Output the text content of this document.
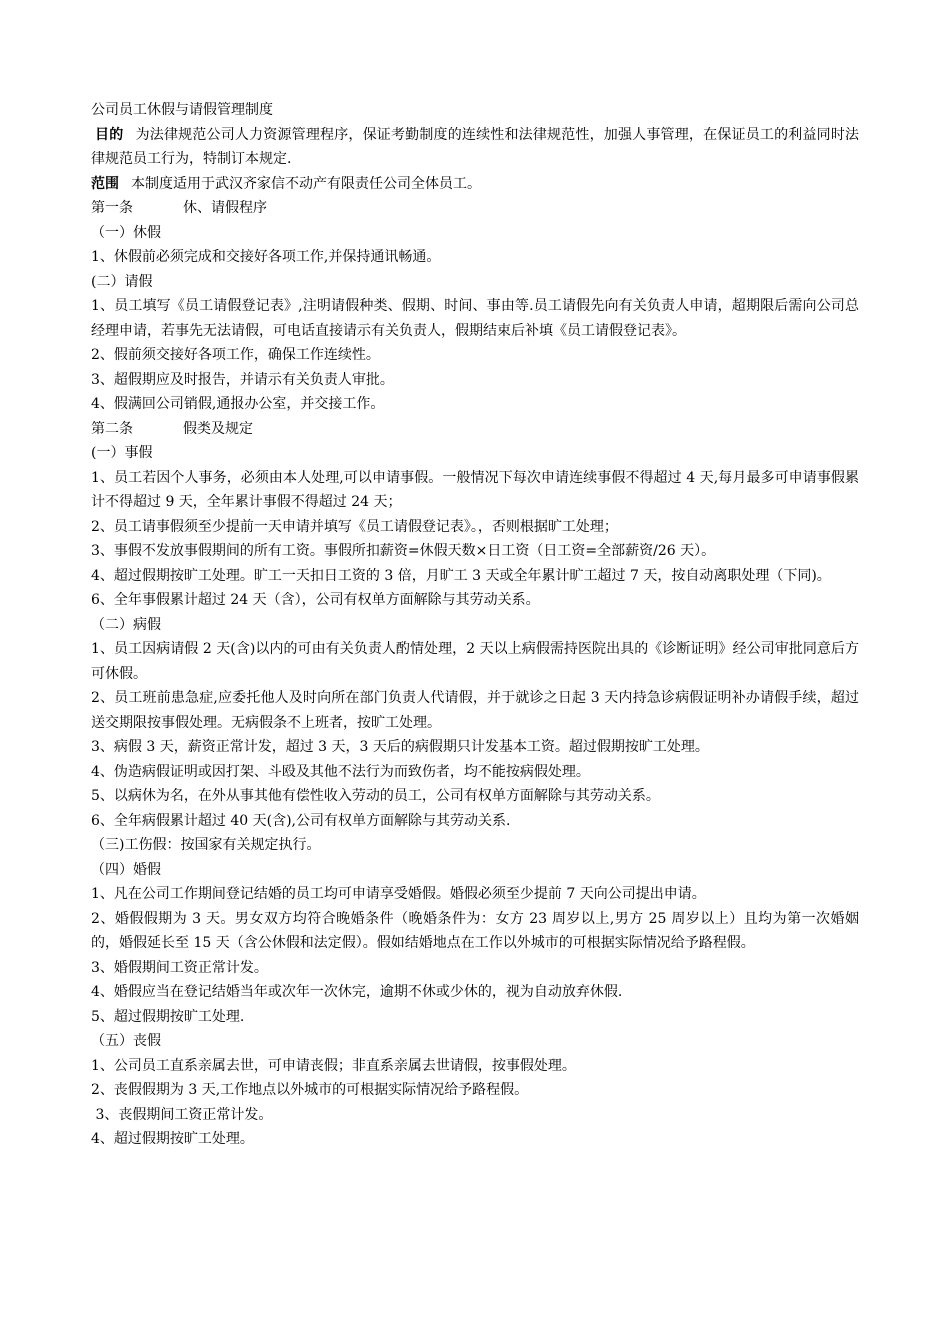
公司员工休假与请假管理制度
目的 为法律规范公司人力资源管理程序，保证考勤制度的连续性和法律规范性，加强人事管理，在保证员工的利益同时法律规范员工行为，特制订本规定.
范围 本制度适用于武汉齐家信不动产有限责任公司全体员工。
第一条	休、请假程序
（一）休假
1、休假前必须完成和交接好各项工作,并保持通讯畅通。
(二）请假
1、员工填写《员工请假登记表》,注明请假种类、假期、时间、事由等.员工请假先向有关负责人申请，超期限后需向公司总经理申请，若事先无法请假，可电话直接请示有关负责人，假期结束后补填《员工请假登记表》。
2、假前须交接好各项工作，确保工作连续性。
3、超假期应及时报告，并请示有关负责人审批。
4、假满回公司销假,通报办公室，并交接工作。
第二条	假类及规定
(一）事假
1、员工若因个人事务，必须由本人处理,可以申请事假。一般情况下每次申请连续事假不得超过 4 天,每月最多可申请事假累计不得超过 9 天，全年累计事假不得超过 24 天；
2、员工请事假须至少提前一天申请并填写《员工请假登记表》。，否则根据旷工处理；
3、事假不发放事假期间的所有工资。事假所扣薪资=休假天数×日工资（日工资=全部薪资/26 天）。
4、超过假期按旷工处理。旷工一天扣日工资的 3 倍，月旷工 3 天或全年累计旷工超过 7 天，按自动离职处理（下同)。
6、全年事假累计超过 24 天（含），公司有权单方面解除与其劳动关系。
（二）病假
1、员工因病请假 2 天(含)以内的可由有关负责人酌情处理，2 天以上病假需持医院出具的《诊断证明》经公司审批同意后方可休假。
2、员工班前患急症,应委托他人及时向所在部门负责人代请假，并于就诊之日起 3 天内持急诊病假证明补办请假手续，超过送交期限按事假处理。无病假条不上班者，按旷工处理。
3、病假 3 天，薪资正常计发，超过 3 天，3 天后的病假期只计发基本工资。超过假期按旷工处理。
4、伪造病假证明或因打架、斗殴及其他不法行为而致伤者，均不能按病假处理。
5、以病休为名，在外从事其他有偿性收入劳动的员工，公司有权单方面解除与其劳动关系。
6、全年病假累计超过 40 天(含),公司有权单方面解除与其劳动关系.
（三)工伤假：按国家有关规定执行。
（四）婚假
1、凡在公司工作期间登记结婚的员工均可申请享受婚假。婚假必须至少提前 7 天向公司提出申请。
2、婚假假期为 3 天。男女双方均符合晚婚条件（晚婚条件为：女方 23 周岁以上,男方 25 周岁以上）且均为第一次婚姻的，婚假延长至 15 天（含公休假和法定假）。假如结婚地点在工作以外城市的可根据实际情况给予路程假。
3、婚假期间工资正常计发。
4、婚假应当在登记结婚当年或次年一次休完，逾期不休或少休的，视为自动放弃休假.
5、超过假期按旷工处理.
（五）丧假
1、公司员工直系亲属去世，可申请丧假；非直系亲属去世请假，按事假处理。
2、丧假假期为 3 天,工作地点以外城市的可根据实际情况给予路程假。
3、丧假期间工资正常计发。
4、超过假期按旷工处理。
